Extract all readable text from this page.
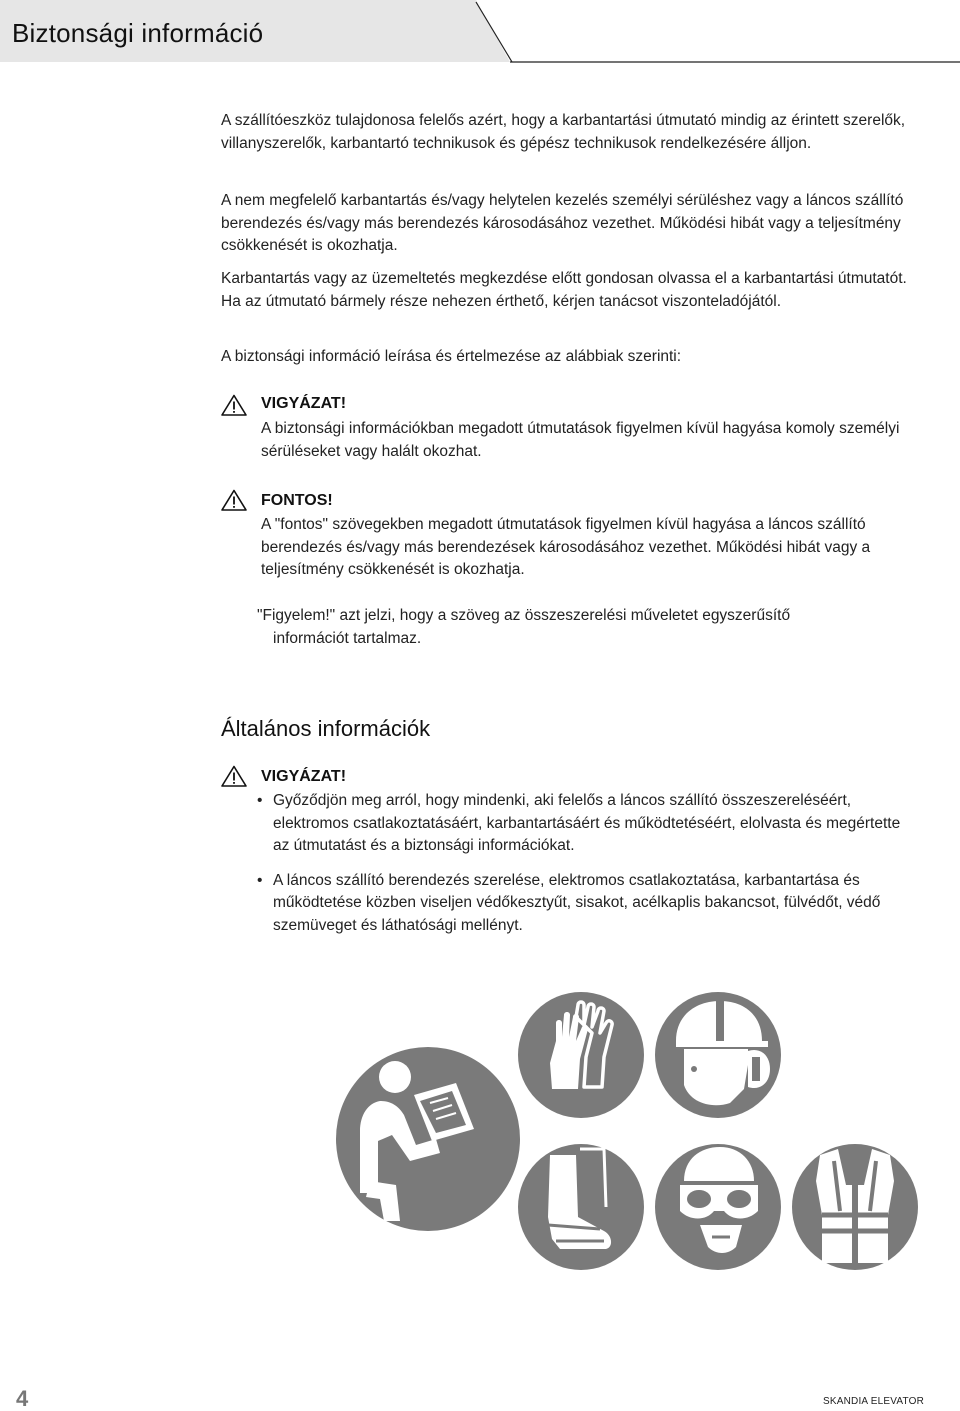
Biztonsági információ

A szállítóeszköz tulajdonosa felelős azért, hogy a karbantartási útmutató mindig az érintett szerelők, villanyszerelők, karbantartó technikusok és gépész technikusok rendelkezésére álljon.

A nem megfelelő karbantartás és/vagy helytelen kezelés személyi sérüléshez vagy a láncos szállító berendezés és/vagy más berendezés károsodásához vezethet. Működési hibát vagy a teljesítmény csökkenését is okozhatja.

Karbantartás vagy az üzemeltetés megkezdése előtt gondosan olvassa el a karbantartási útmutatót. Ha az útmutató bármely része nehezen érthető, kérjen tanácsot viszonteladójától.

A biztonsági információ leírása és értelmezése az alábbiak szerinti:

VIGYÁZAT!
A biztonsági információkban megadott útmutatások figyelmen kívül hagyása komoly személyi sérüléseket vagy halált okozhat.
FONTOS!
A "fontos" szövegekben megadott útmutatások figyelmen kívül hagyása a láncos szállító berendezés és/vagy más berendezések károsodásához vezethet. Működési hibát vagy a teljesítmény csökkenését is okozhatja.
"Figyelem!" azt jelzi, hogy a szöveg az összeszerelési műveletet egyszerűsítő
információt tartalmaz.
Általános információk
VIGYÁZAT!
• Győződjön meg arról, hogy mindenki, aki felelős a láncos szállító összeszereléséért, elektromos csatlakoztatásáért, karbantartásáért és működtetéséért, elolvasta és megértette az útmutatást és a biztonsági információkat.
• A láncos szállító berendezés szerelése, elektromos csatlakoztatása, karbantartása és működtetése közben viseljen védőkesztyűt, sisakot, acélkaplis bakancsot, fülvédőt, védő szemüveget és láthatósági mellényt.
4	SKANDIA ELEVATOR
